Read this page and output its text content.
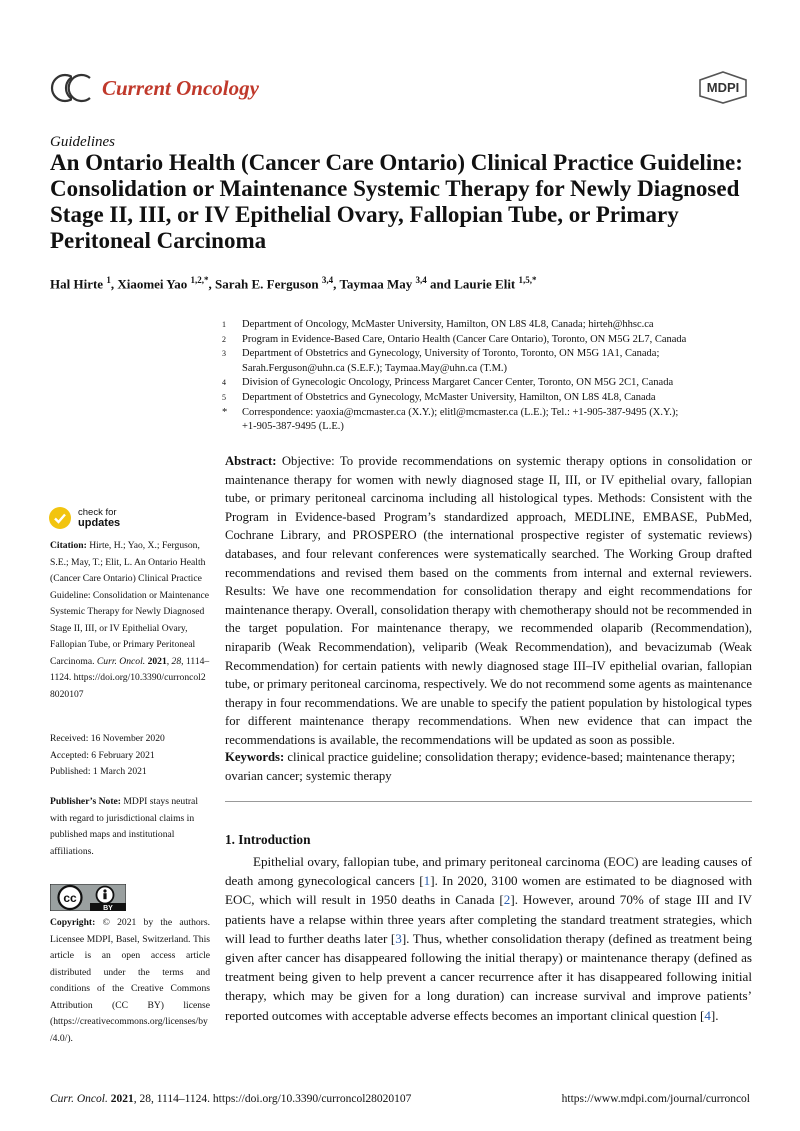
Current Oncology	MDPI
Guidelines
An Ontario Health (Cancer Care Ontario) Clinical Practice Guideline: Consolidation or Maintenance Systemic Therapy for Newly Diagnosed Stage II, III, or IV Epithelial Ovary, Fallopian Tube, or Primary Peritoneal Carcinoma
Hal Hirte $^1$, Xiaomei Yao $^{1,2,*}$, Sarah E. Ferguson $^{3,4}$, Taymaa May $^{3,4}$ and Laurie Elit $^{1,5,*}$
1	Department of Oncology, McMaster University, Hamilton, ON L8S 4L8, Canada; hirteh@hhsc.ca
2	Program in Evidence-Based Care, Ontario Health (Cancer Care Ontario), Toronto, ON M5G 2L7, Canada
3	Department of Obstetrics and Gynecology, University of Toronto, Toronto, ON M5G 1A1, Canada;
Sarah.Ferguson@uhn.ca (S.E.F.); Taymaa.May@uhn.ca (T.M.)
4	Division of Gynecologic Oncology, Princess Margaret Cancer Center, Toronto, ON M5G 2C1, Canada
5	Department of Obstetrics and Gynecology, McMaster University, Hamilton, ON L8S 4L8, Canada
*	Correspondence: yaoxia@mcmaster.ca (X.Y.); elitl@mcmaster.ca (L.E.); Tel.: +1-905-387-9495 (X.Y.);
+1-905-387-9495 (L.E.)
check for
updates
Citation: Hirte, H.; Yao, X.; Ferguson, S.E.; May, T.; Elit, L. An Ontario Health (Cancer Care Ontario) Clinical Practice Guideline: Consolidation or Maintenance Systemic Therapy for Newly Diagnosed Stage II, III, or IV Epithelial Ovary, Fallopian Tube, or Primary Peritoneal Carcinoma. Curr. Oncol. 2021, 28, 1114–1124. https://doi.org/10.3390/curroncol28020107
Received: 16 November 2020
Accepted: 6 February 2021
Published: 1 March 2021
Publisher’s Note: MDPI stays neutral with regard to jurisdictional claims in published maps and institutional affiliations.
cc
BY
Copyright: © 2021 by the authors. Licensee MDPI, Basel, Switzerland. This article is an open access article distributed under the terms and conditions of the Creative Commons Attribution (CC BY) license (https://creativecommons.org/licenses/by/4.0/).
Abstract: Objective: To provide recommendations on systemic therapy options in consolidation or maintenance therapy for women with newly diagnosed stage II, III, or IV epithelial ovary, fallopian tube, or primary peritoneal carcinoma including all histological types. Methods: Consistent with the Program in Evidence-based Program’s standardized approach, MEDLINE, EMBASE, PubMed, Cochrane Library, and PROSPERO (the international prospective register of systematic reviews) databases, and four relevant conferences were systematically searched. The Working Group drafted recommendations and revised them based on the comments from internal and external reviewers. Results: We have one recommendation for consolidation therapy and eight recommendations for maintenance therapy. Overall, consolidation therapy with chemotherapy should not be recommended in the target population. For maintenance therapy, we recommended olaparib (Recommendation), niraparib (Weak Recommendation), veliparib (Weak Recommendation), and bevacizumab (Weak Recommendation) for certain patients with newly diagnosed stage III–IV epithelial ovarian, fallopian tube, or primary peritoneal carcinoma, respectively. We do not recommend some agents as maintenance therapy in four recommendations. We are unable to specify the patient population by histological types for different maintenance therapy recommendations. When new evidence that can impact the recommendations is available, the recommendations will be updated as soon as possible.
Keywords: clinical practice guideline; consolidation therapy; evidence-based; maintenance therapy; ovarian cancer; systemic therapy
1. Introduction
Epithelial ovary, fallopian tube, and primary peritoneal carcinoma (EOC) are leading causes of death among gynecological cancers [1]. In 2020, 3100 women are estimated to be diagnosed with EOC, which will result in 1950 deaths in Canada [2]. However, around 70% of stage III and IV patients have a relapse within three years after completing the standard treatment strategies, which will lead to further deaths later [3]. Thus, whether consolidation therapy (defined as treatment being given after cancer has disappeared following the initial therapy) or maintenance therapy (defined as treatment being given to help prevent a cancer recurrence after it has disappeared following initial therapy, which may be given for a long duration) can increase survival and improve patients’ reported outcomes with acceptable adverse effects becomes an important clinical question [4].
Curr. Oncol. 2021, 28, 1114–1124. https://doi.org/10.3390/curroncol28020107	https://www.mdpi.com/journal/curroncol
